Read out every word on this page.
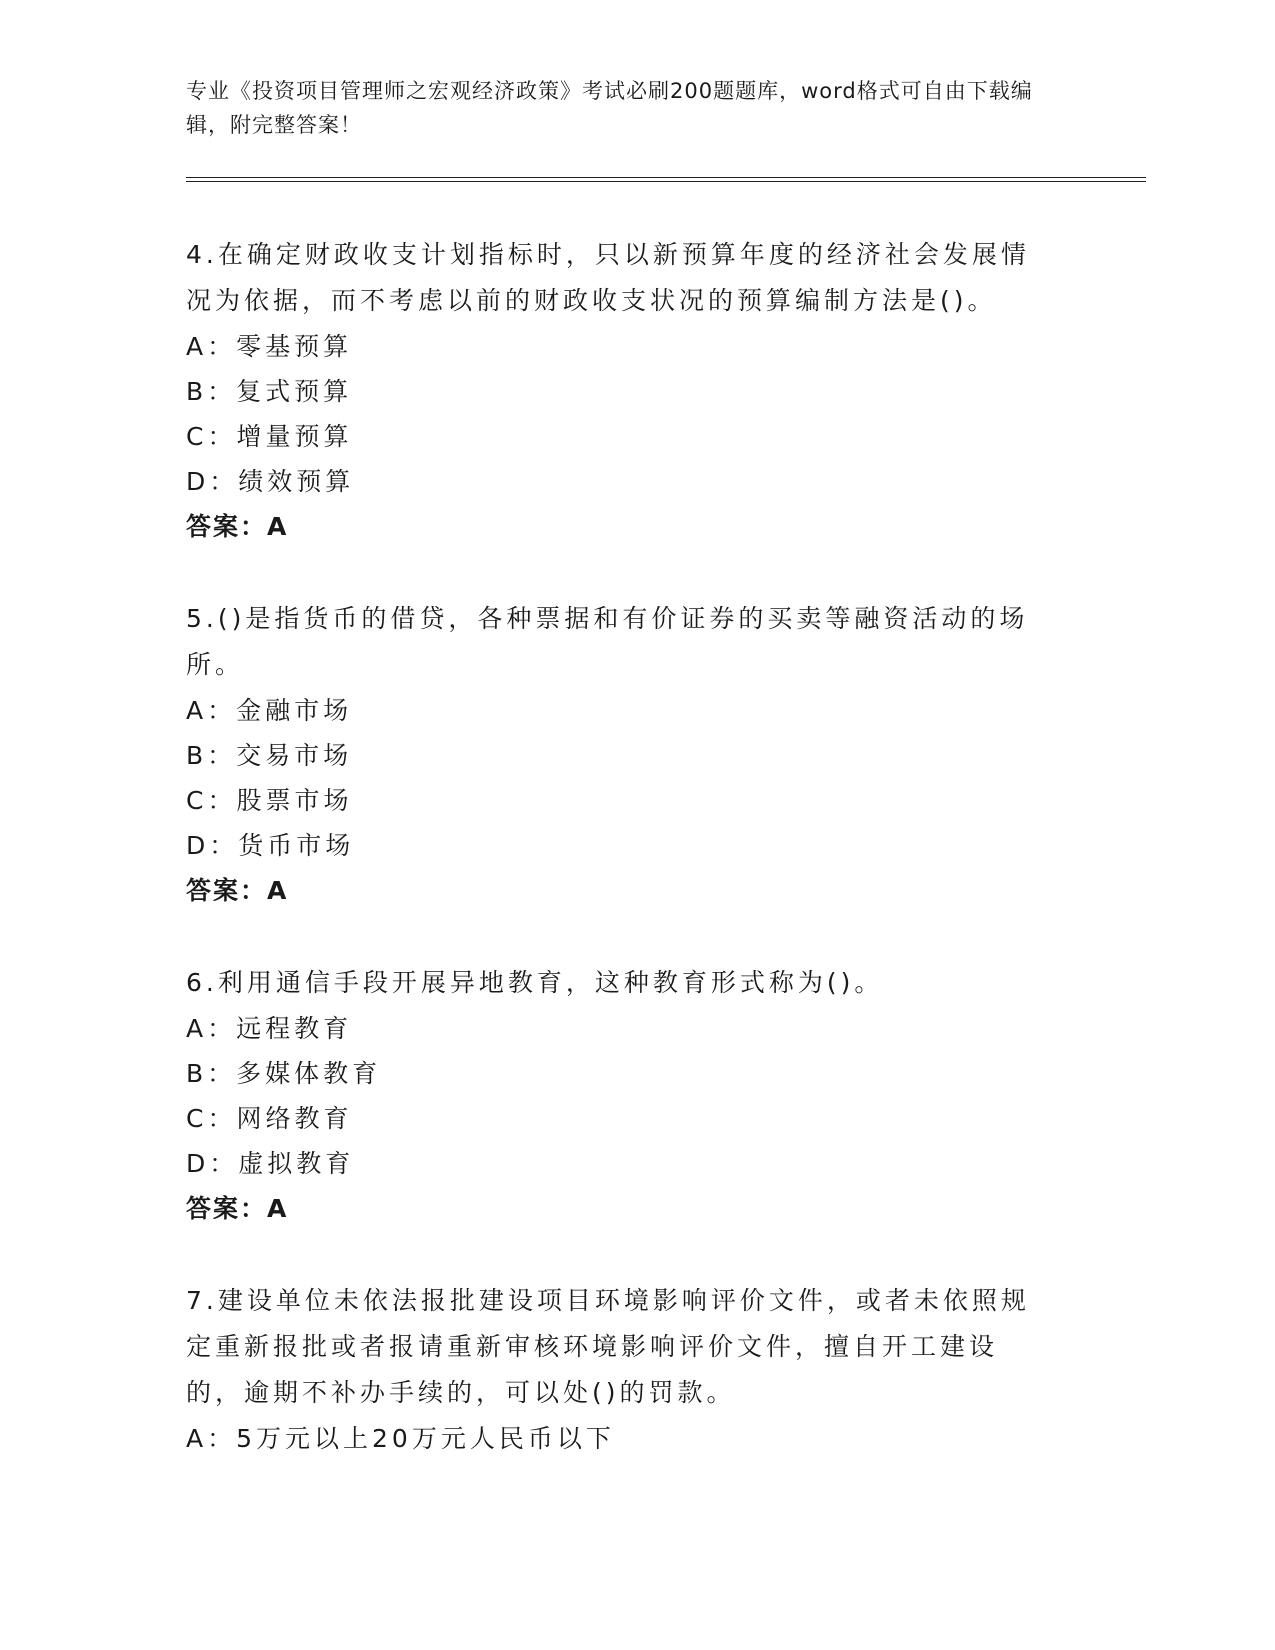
专业《投资项目管理师之宏观经济政策》考试必刷200题题库，word格式可自由下载编辑，附完整答案！
4.在确定财政收支计划指标时，只以新预算年度的经济社会发展情况为依据，而不考虑以前的财政收支状况的预算编制方法是()。
A：零基预算
B：复式预算
C：增量预算
D：绩效预算
答案：A
5.()是指货币的借贷，各种票据和有价证券的买卖等融资活动的场所。
A：金融市场
B：交易市场
C：股票市场
D：货币市场
答案：A
6.利用通信手段开展异地教育，这种教育形式称为()。
A：远程教育
B：多媒体教育
C：网络教育
D：虚拟教育
答案：A
7.建设单位未依法报批建设项目环境影响评价文件，或者未依照规定重新报批或者报请重新审核环境影响评价文件，擅自开工建设的，逾期不补办手续的，可以处()的罚款。
A：5万元以上20万元人民币以下
